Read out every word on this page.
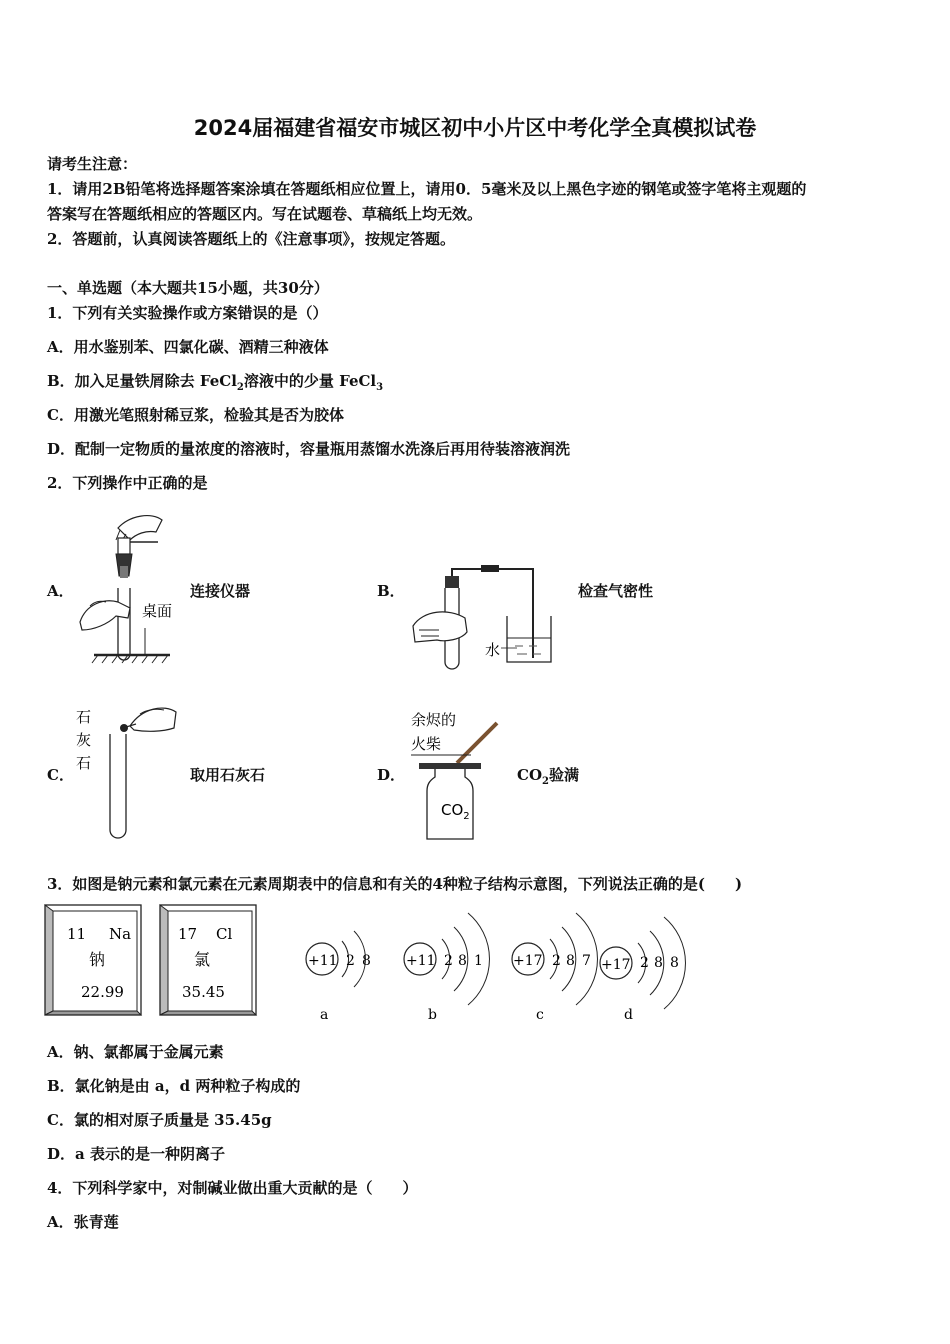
2024届福建省福安市城区初中小片区中考化学全真模拟试卷
请考生注意：
1．请用2B铅笔将选择题答案涂填在答题纸相应位置上，请用0．5毫米及以上黑色字迹的钢笔或签字笔将主观题的
答案写在答题纸相应的答题区内。写在试题卷、草稿纸上均无效。
2．答题前，认真阅读答题纸上的《注意事项》，按规定答题。
一、单选题（本大题共15小题，共30分）
1．下列有关实验操作或方案错误的是（）
A．用水鉴别苯、四氯化碳、酒精三种液体
B．加入足量铁屑除去 FeCl$_2$溶液中的少量 FeCl$_3$
C．用激光笔照射稀豆浆，检验其是否为胶体
D．配制一定物质的量浓度的溶液时，容量瓶用蒸馏水洗涤后再用待装溶液润洗
2．下列操作中正确的是
A．	连接仪器
桌面
B．	检查气密性
水
C．	取用石灰石
石
灰
石
D．	$CO_2$验满
余烬的
火柴
$CO_2$
3．如图是钠元素和氯元素在元素周期表中的信息和有关的4种粒子结构示意图，下列说法正确的是(　　)
11 Na
钠
22.99
17 Cl
氯
35.45
+11 2 8
a
+11 2 8 1
b
+17 2 8 7
c
+17 2 8 8
d
A．钠、氯都属于金属元素
B．氯化钠是由 a，d 两种粒子构成的
C．氯的相对原子质量是 35.45g
D．a 表示的是一种阴离子
4．下列科学家中，对制碱业做出重大贡献的是（　　）
A．张青莲
